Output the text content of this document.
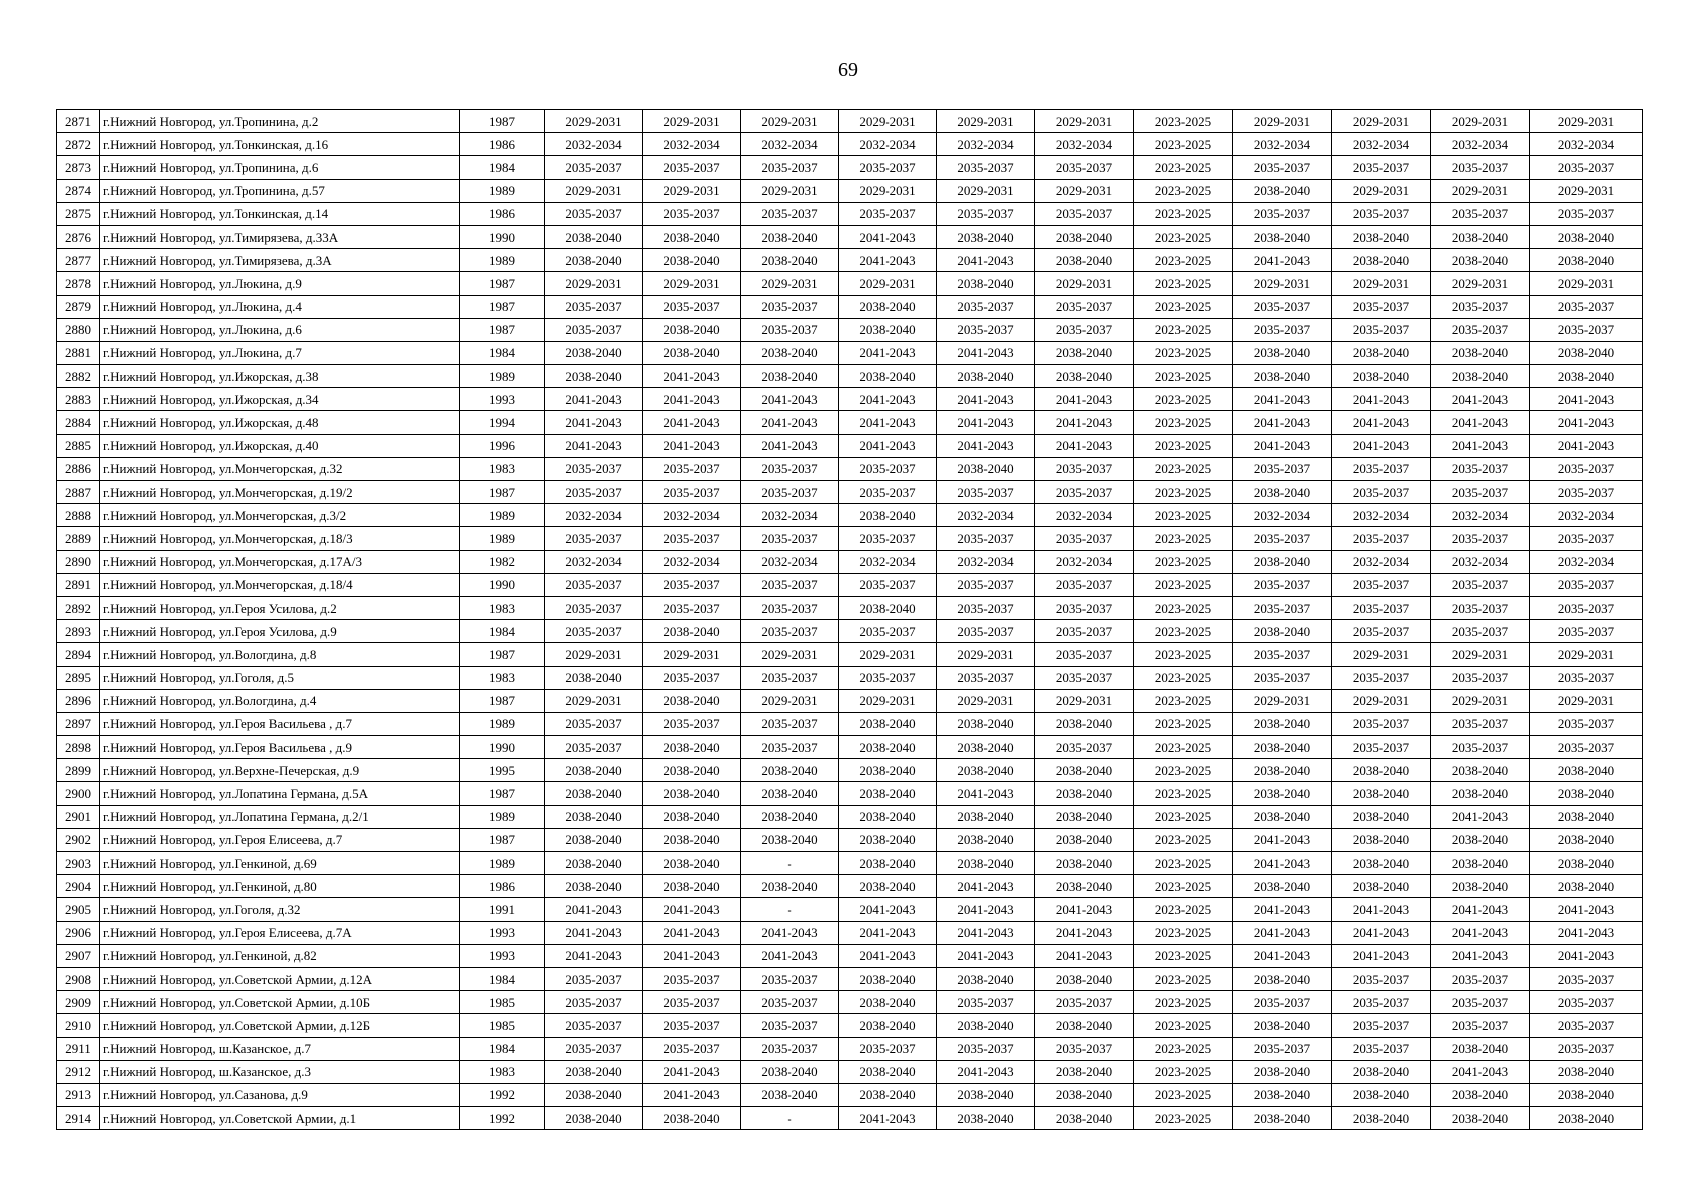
69
2871	г.Нижний Новгород, ул.Тропинина, д.2	1987	2029-2031	2029-2031	2029-2031	2029-2031	2029-2031	2029-2031	2023-2025	2029-2031	2029-2031	2029-2031	2029-2031
2872	г.Нижний Новгород, ул.Тонкинская, д.16	1986	2032-2034	2032-2034	2032-2034	2032-2034	2032-2034	2032-2034	2023-2025	2032-2034	2032-2034	2032-2034	2032-2034
2873	г.Нижний Новгород, ул.Тропинина, д.6	1984	2035-2037	2035-2037	2035-2037	2035-2037	2035-2037	2035-2037	2023-2025	2035-2037	2035-2037	2035-2037	2035-2037
2874	г.Нижний Новгород, ул.Тропинина, д.57	1989	2029-2031	2029-2031	2029-2031	2029-2031	2029-2031	2029-2031	2023-2025	2038-2040	2029-2031	2029-2031	2029-2031
2875	г.Нижний Новгород, ул.Тонкинская, д.14	1986	2035-2037	2035-2037	2035-2037	2035-2037	2035-2037	2035-2037	2023-2025	2035-2037	2035-2037	2035-2037	2035-2037
2876	г.Нижний Новгород, ул.Тимирязева, д.33А	1990	2038-2040	2038-2040	2038-2040	2041-2043	2038-2040	2038-2040	2023-2025	2038-2040	2038-2040	2038-2040	2038-2040
2877	г.Нижний Новгород, ул.Тимирязева, д.3А	1989	2038-2040	2038-2040	2038-2040	2041-2043	2041-2043	2038-2040	2023-2025	2041-2043	2038-2040	2038-2040	2038-2040
2878	г.Нижний Новгород, ул.Люкина, д.9	1987	2029-2031	2029-2031	2029-2031	2029-2031	2038-2040	2029-2031	2023-2025	2029-2031	2029-2031	2029-2031	2029-2031
2879	г.Нижний Новгород, ул.Люкина, д.4	1987	2035-2037	2035-2037	2035-2037	2038-2040	2035-2037	2035-2037	2023-2025	2035-2037	2035-2037	2035-2037	2035-2037
2880	г.Нижний Новгород, ул.Люкина, д.6	1987	2035-2037	2038-2040	2035-2037	2038-2040	2035-2037	2035-2037	2023-2025	2035-2037	2035-2037	2035-2037	2035-2037
2881	г.Нижний Новгород, ул.Люкина, д.7	1984	2038-2040	2038-2040	2038-2040	2041-2043	2041-2043	2038-2040	2023-2025	2038-2040	2038-2040	2038-2040	2038-2040
2882	г.Нижний Новгород, ул.Ижорская, д.38	1989	2038-2040	2041-2043	2038-2040	2038-2040	2038-2040	2038-2040	2023-2025	2038-2040	2038-2040	2038-2040	2038-2040
2883	г.Нижний Новгород, ул.Ижорская, д.34	1993	2041-2043	2041-2043	2041-2043	2041-2043	2041-2043	2041-2043	2023-2025	2041-2043	2041-2043	2041-2043	2041-2043
2884	г.Нижний Новгород, ул.Ижорская, д.48	1994	2041-2043	2041-2043	2041-2043	2041-2043	2041-2043	2041-2043	2023-2025	2041-2043	2041-2043	2041-2043	2041-2043
2885	г.Нижний Новгород, ул.Ижорская, д.40	1996	2041-2043	2041-2043	2041-2043	2041-2043	2041-2043	2041-2043	2023-2025	2041-2043	2041-2043	2041-2043	2041-2043
2886	г.Нижний Новгород, ул.Мончегорская, д.32	1983	2035-2037	2035-2037	2035-2037	2035-2037	2038-2040	2035-2037	2023-2025	2035-2037	2035-2037	2035-2037	2035-2037
2887	г.Нижний Новгород, ул.Мончегорская, д.19/2	1987	2035-2037	2035-2037	2035-2037	2035-2037	2035-2037	2035-2037	2023-2025	2038-2040	2035-2037	2035-2037	2035-2037
2888	г.Нижний Новгород, ул.Мончегорская, д.3/2	1989	2032-2034	2032-2034	2032-2034	2038-2040	2032-2034	2032-2034	2023-2025	2032-2034	2032-2034	2032-2034	2032-2034
2889	г.Нижний Новгород, ул.Мончегорская, д.18/3	1989	2035-2037	2035-2037	2035-2037	2035-2037	2035-2037	2035-2037	2023-2025	2035-2037	2035-2037	2035-2037	2035-2037
2890	г.Нижний Новгород, ул.Мончегорская, д.17А/3	1982	2032-2034	2032-2034	2032-2034	2032-2034	2032-2034	2032-2034	2023-2025	2038-2040	2032-2034	2032-2034	2032-2034
2891	г.Нижний Новгород, ул.Мончегорская, д.18/4	1990	2035-2037	2035-2037	2035-2037	2035-2037	2035-2037	2035-2037	2023-2025	2035-2037	2035-2037	2035-2037	2035-2037
2892	г.Нижний Новгород, ул.Героя Усилова, д.2	1983	2035-2037	2035-2037	2035-2037	2038-2040	2035-2037	2035-2037	2023-2025	2035-2037	2035-2037	2035-2037	2035-2037
2893	г.Нижний Новгород, ул.Героя Усилова, д.9	1984	2035-2037	2038-2040	2035-2037	2035-2037	2035-2037	2035-2037	2023-2025	2038-2040	2035-2037	2035-2037	2035-2037
2894	г.Нижний Новгород, ул.Вологдина, д.8	1987	2029-2031	2029-2031	2029-2031	2029-2031	2029-2031	2035-2037	2023-2025	2035-2037	2029-2031	2029-2031	2029-2031
2895	г.Нижний Новгород, ул.Гоголя, д.5	1983	2038-2040	2035-2037	2035-2037	2035-2037	2035-2037	2035-2037	2023-2025	2035-2037	2035-2037	2035-2037	2035-2037
2896	г.Нижний Новгород, ул.Вологдина, д.4	1987	2029-2031	2038-2040	2029-2031	2029-2031	2029-2031	2029-2031	2023-2025	2029-2031	2029-2031	2029-2031	2029-2031
2897	г.Нижний Новгород, ул.Героя Васильева , д.7	1989	2035-2037	2035-2037	2035-2037	2038-2040	2038-2040	2038-2040	2023-2025	2038-2040	2035-2037	2035-2037	2035-2037
2898	г.Нижний Новгород, ул.Героя Васильева , д.9	1990	2035-2037	2038-2040	2035-2037	2038-2040	2038-2040	2035-2037	2023-2025	2038-2040	2035-2037	2035-2037	2035-2037
2899	г.Нижний Новгород, ул.Верхне-Печерская, д.9	1995	2038-2040	2038-2040	2038-2040	2038-2040	2038-2040	2038-2040	2023-2025	2038-2040	2038-2040	2038-2040	2038-2040
2900	г.Нижний Новгород, ул.Лопатина Германа, д.5А	1987	2038-2040	2038-2040	2038-2040	2038-2040	2041-2043	2038-2040	2023-2025	2038-2040	2038-2040	2038-2040	2038-2040
2901	г.Нижний Новгород, ул.Лопатина Германа, д.2/1	1989	2038-2040	2038-2040	2038-2040	2038-2040	2038-2040	2038-2040	2023-2025	2038-2040	2038-2040	2041-2043	2038-2040
2902	г.Нижний Новгород, ул.Героя Елисеева, д.7	1987	2038-2040	2038-2040	2038-2040	2038-2040	2038-2040	2038-2040	2023-2025	2041-2043	2038-2040	2038-2040	2038-2040
2903	г.Нижний Новгород, ул.Генкиной, д.69	1989	2038-2040	2038-2040	-	2038-2040	2038-2040	2038-2040	2023-2025	2041-2043	2038-2040	2038-2040	2038-2040
2904	г.Нижний Новгород, ул.Генкиной, д.80	1986	2038-2040	2038-2040	2038-2040	2038-2040	2041-2043	2038-2040	2023-2025	2038-2040	2038-2040	2038-2040	2038-2040
2905	г.Нижний Новгород, ул.Гоголя, д.32	1991	2041-2043	2041-2043	-	2041-2043	2041-2043	2041-2043	2023-2025	2041-2043	2041-2043	2041-2043	2041-2043
2906	г.Нижний Новгород, ул.Героя Елисеева, д.7А	1993	2041-2043	2041-2043	2041-2043	2041-2043	2041-2043	2041-2043	2023-2025	2041-2043	2041-2043	2041-2043	2041-2043
2907	г.Нижний Новгород, ул.Генкиной, д.82	1993	2041-2043	2041-2043	2041-2043	2041-2043	2041-2043	2041-2043	2023-2025	2041-2043	2041-2043	2041-2043	2041-2043
2908	г.Нижний Новгород, ул.Советской Армии, д.12А	1984	2035-2037	2035-2037	2035-2037	2038-2040	2038-2040	2038-2040	2023-2025	2038-2040	2035-2037	2035-2037	2035-2037
2909	г.Нижний Новгород, ул.Советской Армии, д.10Б	1985	2035-2037	2035-2037	2035-2037	2038-2040	2035-2037	2035-2037	2023-2025	2035-2037	2035-2037	2035-2037	2035-2037
2910	г.Нижний Новгород, ул.Советской Армии, д.12Б	1985	2035-2037	2035-2037	2035-2037	2038-2040	2038-2040	2038-2040	2023-2025	2038-2040	2035-2037	2035-2037	2035-2037
2911	г.Нижний Новгород, ш.Казанское, д.7	1984	2035-2037	2035-2037	2035-2037	2035-2037	2035-2037	2035-2037	2023-2025	2035-2037	2035-2037	2038-2040	2035-2037
2912	г.Нижний Новгород, ш.Казанское, д.3	1983	2038-2040	2041-2043	2038-2040	2038-2040	2041-2043	2038-2040	2023-2025	2038-2040	2038-2040	2041-2043	2038-2040
2913	г.Нижний Новгород, ул.Сазанова, д.9	1992	2038-2040	2041-2043	2038-2040	2038-2040	2038-2040	2038-2040	2023-2025	2038-2040	2038-2040	2038-2040	2038-2040
2914	г.Нижний Новгород, ул.Советской Армии, д.1	1992	2038-2040	2038-2040	-	2041-2043	2038-2040	2038-2040	2023-2025	2038-2040	2038-2040	2038-2040	2038-2040
